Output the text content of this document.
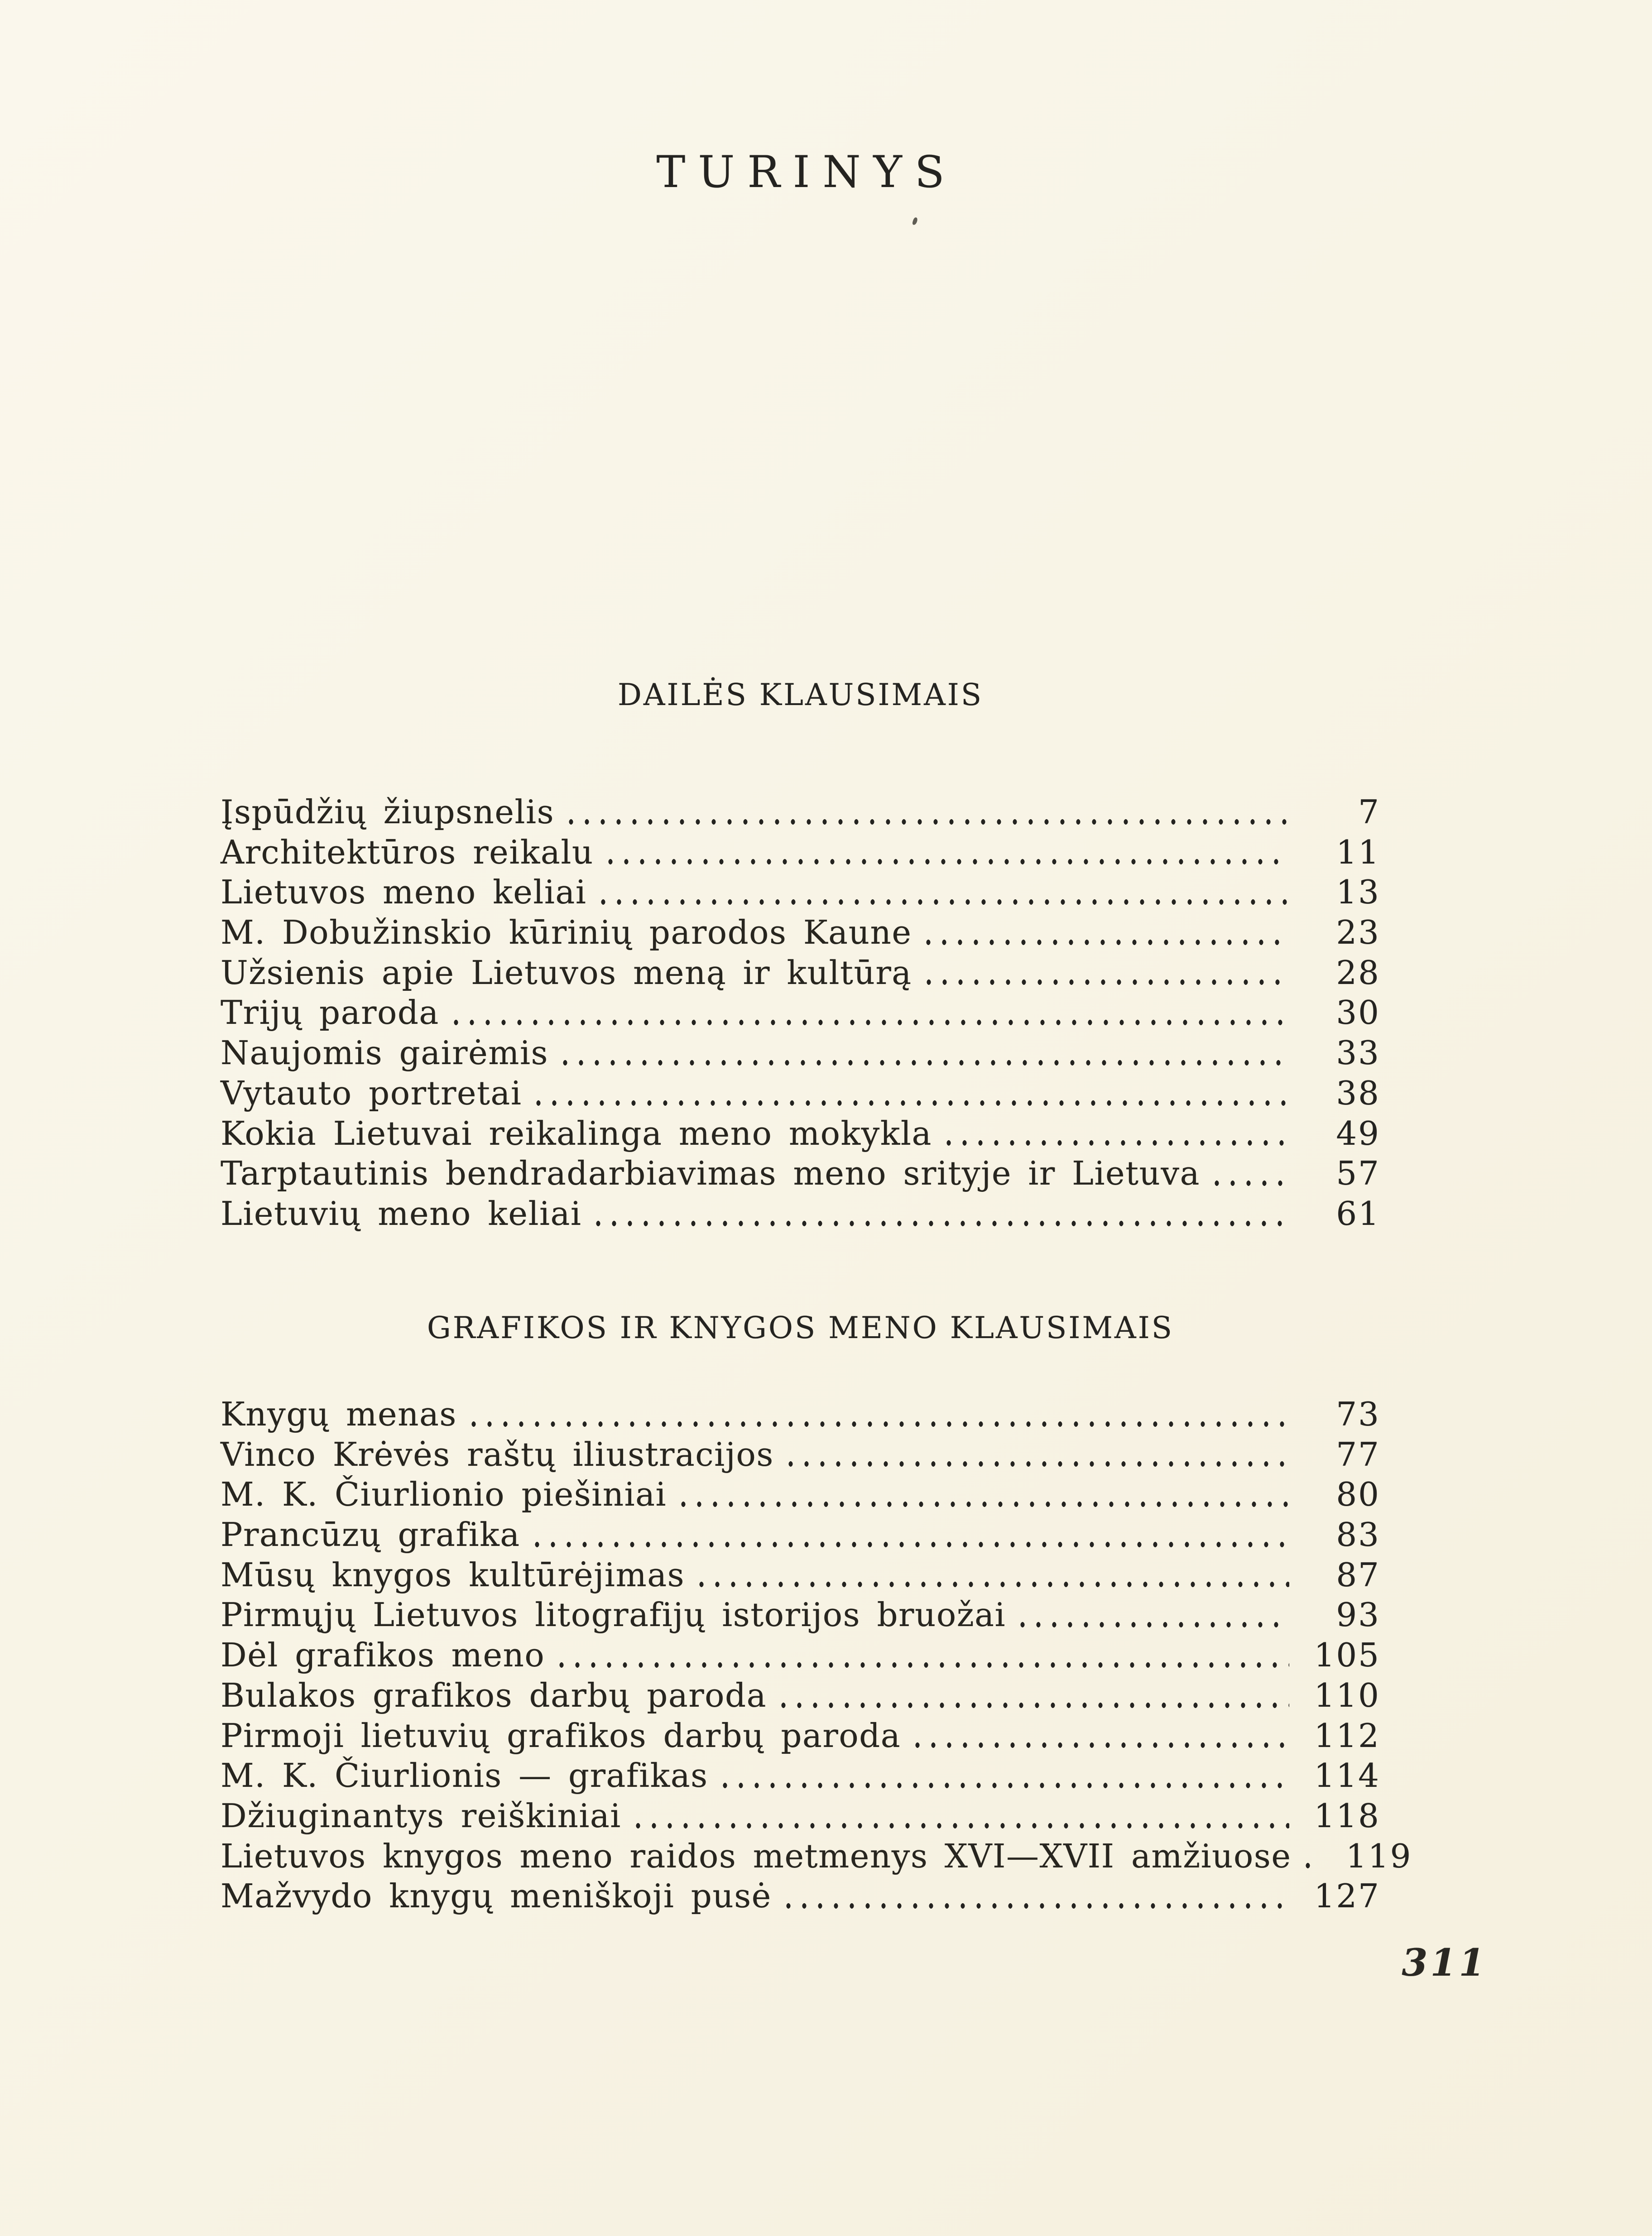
TURINYS
DAILĖS KLAUSIMAIS
Įspūdžių žiupsnelis	7
Architektūros reikalu	11
Lietuvos meno keliai	13
M. Dobužinskio kūrinių parodos Kaune	23
Užsienis apie Lietuvos meną ir kultūrą	28
Trijų paroda	30
Naujomis gairėmis	33
Vytauto portretai	38
Kokia Lietuvai reikalinga meno mokykla	49
Tarptautinis bendradarbiavimas meno srityje ir Lietuva	57
Lietuvių meno keliai	61
GRAFIKOS IR KNYGOS MENO KLAUSIMAIS
Knygų menas	73
Vinco Krėvės raštų iliustracijos	77
M. K. Čiurlionio piešiniai	80
Prancūzų grafika	83
Mūsų knygos kultūrėjimas	87
Pirmųjų Lietuvos litografijų istorijos bruožai	93
Dėl grafikos meno	105
Bulakos grafikos darbų paroda	110
Pirmoji lietuvių grafikos darbų paroda	112
M. K. Čiurlionis — grafikas	114
Džiuginantys reiškiniai	118
Lietuvos knygos meno raidos metmenys XVI—XVII amžiuose	119
Mažvydo knygų meniškoji pusė	127
311
